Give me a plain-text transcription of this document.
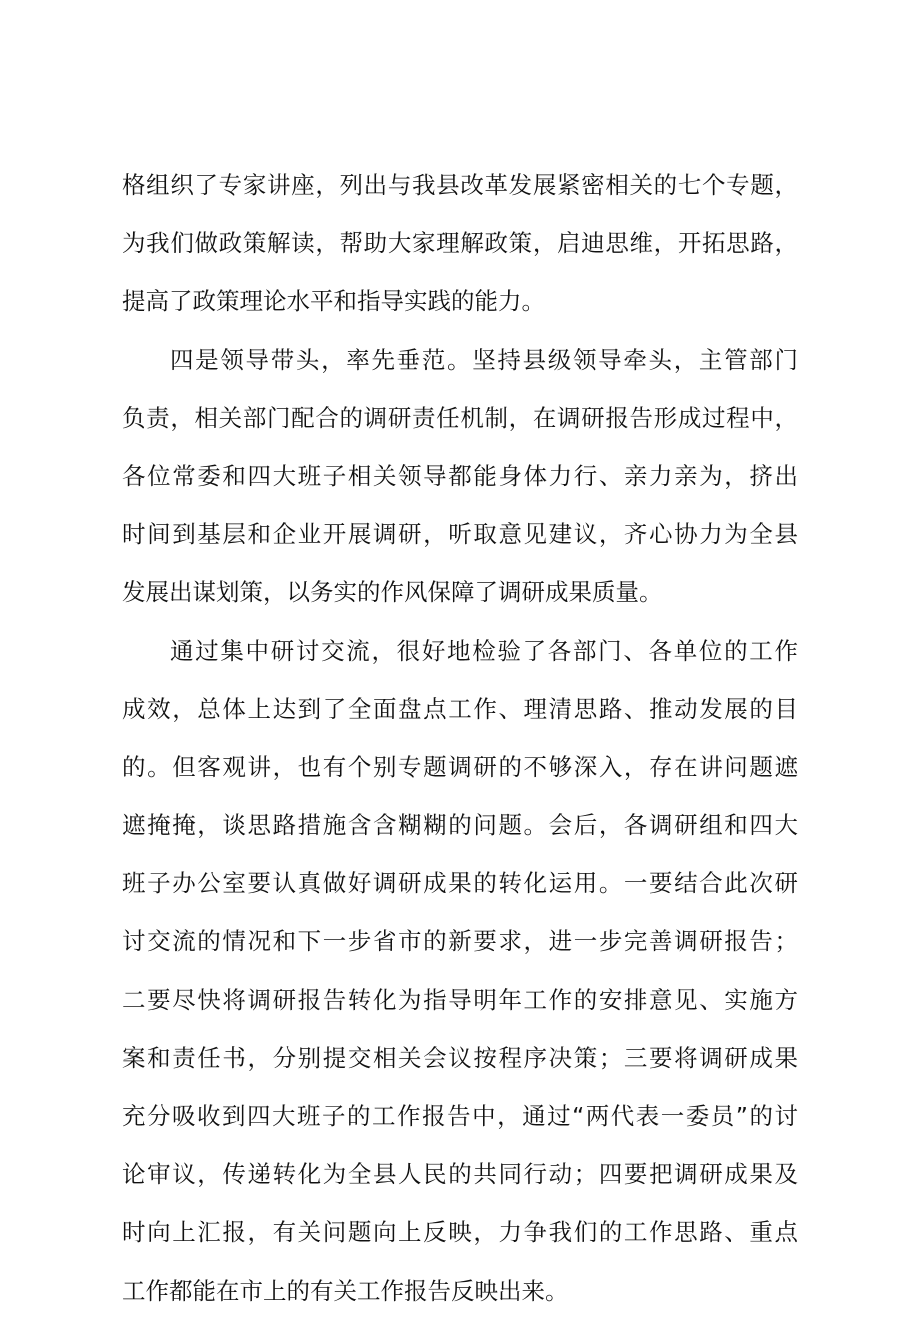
格组织了专家讲座，列出与我县改革发展紧密相关的七个专题，
为我们做政策解读，帮助大家理解政策，启迪思维，开拓思路，
提高了政策理论水平和指导实践的能力。
四是领导带头，率先垂范。坚持县级领导牵头，主管部门
负责，相关部门配合的调研责任机制，在调研报告形成过程中，
各位常委和四大班子相关领导都能身体力行、亲力亲为，挤出
时间到基层和企业开展调研，听取意见建议，齐心协力为全县
发展出谋划策，以务实的作风保障了调研成果质量。
通过集中研讨交流，很好地检验了各部门、各单位的工作
成效，总体上达到了全面盘点工作、理清思路、推动发展的目
的。但客观讲，也有个别专题调研的不够深入，存在讲问题遮
遮掩掩，谈思路措施含含糊糊的问题。会后，各调研组和四大
班子办公室要认真做好调研成果的转化运用。一要结合此次研
讨交流的情况和下一步省市的新要求，进一步完善调研报告；
二要尽快将调研报告转化为指导明年工作的安排意见、实施方
案和责任书，分别提交相关会议按程序决策；三要将调研成果
充分吸收到四大班子的工作报告中，通过“两代表一委员”的讨
论审议，传递转化为全县人民的共同行动；四要把调研成果及
时向上汇报，有关问题向上反映，力争我们的工作思路、重点
工作都能在市上的有关工作报告反映出来。
